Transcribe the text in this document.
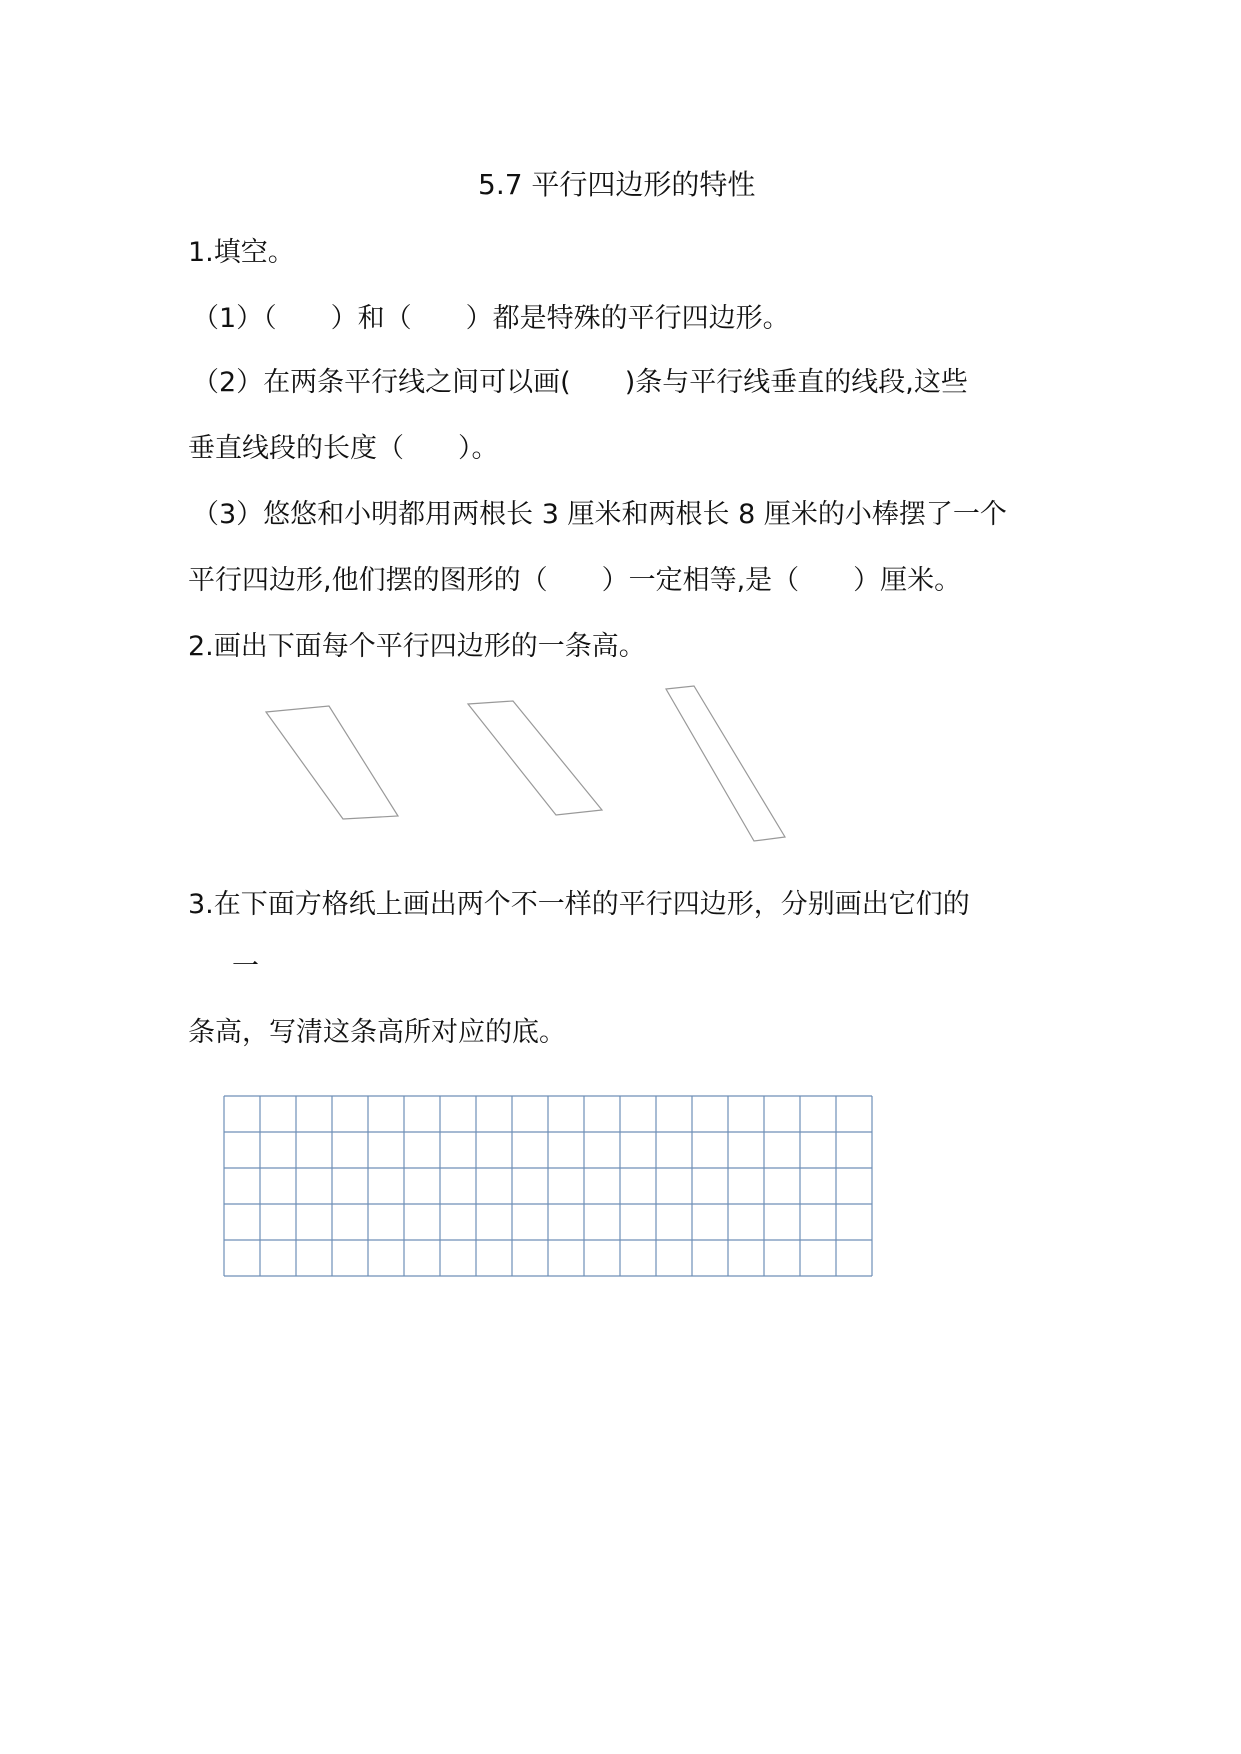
5.7 平行四边形的特性
1.填空。
（1）（　　）和（　　）都是特殊的平行四边形。
（2）在两条平行线之间可以画(　　)条与平行线垂直的线段,这些
垂直线段的长度（　　）。
（3）悠悠和小明都用两根长 3 厘米和两根长 8 厘米的小棒摆了一个
平行四边形,他们摆的图形的（　　）一定相等,是（　　）厘米。
2.画出下面每个平行四边形的一条高。
3.在下面方格纸上画出两个不一样的平行四边形，分别画出它们的
一
条高，写清这条高所对应的底。
